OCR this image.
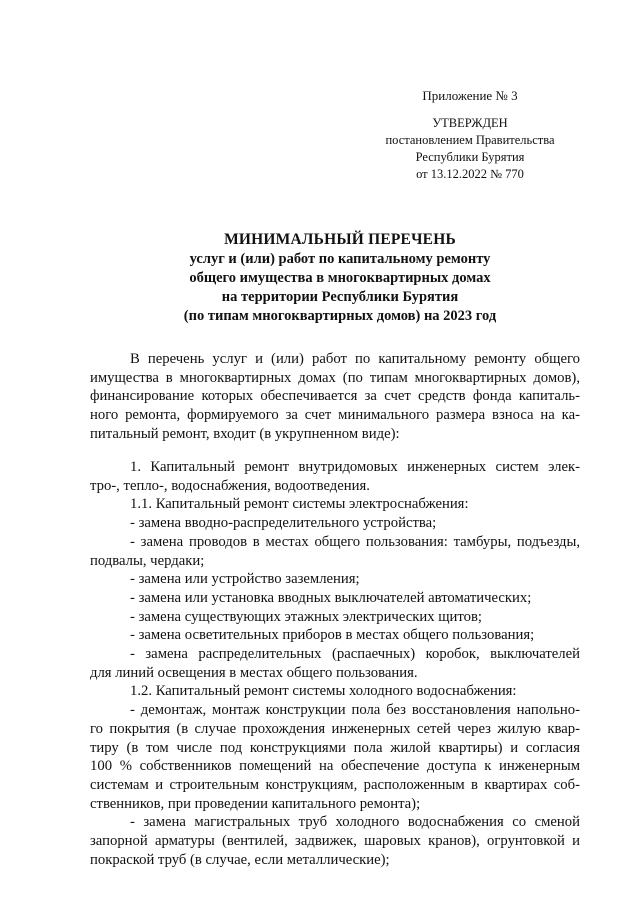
Приложение № 3
УТВЕРЖДЕН
постановлением Правительства
Республики Бурятия
от 13.12.2022 № 770
МИНИМАЛЬНЫЙ ПЕРЕЧЕНЬ
услуг и (или) работ по капитальному ремонту
общего имущества в многоквартирных домах
на территории Республики Бурятия
(по типам многоквартирных домов) на 2023 год
В перечень услуг и (или) работ по капитальному ремонту общего
имущества в многоквартирных домах (по типам многоквартирных домов),
финансирование которых обеспечивается за счет средств фонда капиталь-
ного ремонта, формируемого за счет минимального размера взноса на ка-
питальный ремонт, входит (в укрупненном виде):
1. Капитальный ремонт внутридомовых инженерных систем элек-
тро-, тепло-, водоснабжения, водоотведения.
1.1. Капитальный ремонт системы электроснабжения:
- замена вводно-распределительного устройства;
- замена проводов в местах общего пользования: тамбуры, подъезды,
подвалы, чердаки;
- замена или устройство заземления;
- замена или установка вводных выключателей автоматических;
- замена существующих этажных электрических щитов;
- замена осветительных приборов в местах общего пользования;
- замена распределительных (распаечных) коробок, выключателей
для линий освещения в местах общего пользования.
1.2. Капитальный ремонт системы холодного водоснабжения:
- демонтаж, монтаж конструкции пола без восстановления напольно-
го покрытия (в случае прохождения инженерных сетей через жилую квар-
тиру (в том числе под конструкциями пола жилой квартиры) и согласия
100 % собственников помещений на обеспечение доступа к инженерным
системам и строительным конструкциям, расположенным в квартирах соб-
ственников, при проведении капитального ремонта);
- замена магистральных труб холодного водоснабжения со сменой
запорной арматуры (вентилей, задвижек, шаровых кранов), огрунтовкой и
покраской труб (в случае, если металлические);
